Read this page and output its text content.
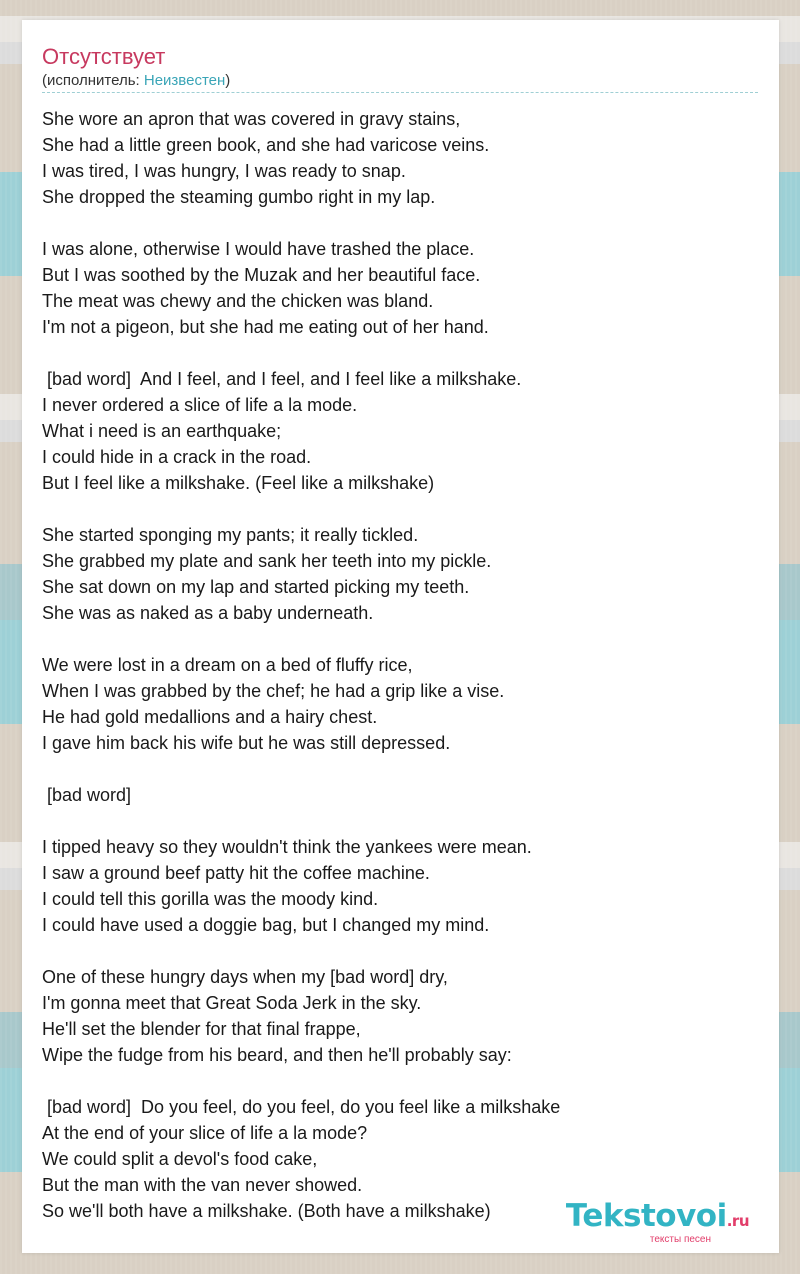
Отсутствует
(исполнитель: Неизвестен)
She wore an apron that was covered in gravy stains,
She had a little green book, and she had varicose veins.
I was tired, I was hungry, I was ready to snap.
She dropped the steaming gumbo right in my lap.

I was alone, otherwise I would have trashed the place.
But I was soothed by the Muzak and her beautiful face.
The meat was chewy and the chicken was bland.
I'm not a pigeon, but she had me eating out of her hand.

[bad word]  And I feel, and I feel, and I feel like a milkshake.
I never ordered a slice of life a la mode.
What i need is an earthquake;
I could hide in a crack in the road.
But I feel like a milkshake. (Feel like a milkshake)

She started sponging my pants; it really tickled.
She grabbed my plate and sank her teeth into my pickle.
She sat down on my lap and started picking my teeth.
She was as naked as a baby underneath.

We were lost in a dream on a bed of fluffy rice,
When I was grabbed by the chef; he had a grip like a vise.
He had gold medallions and a hairy chest.
I gave him back his wife but he was still depressed.

[bad word]

I tipped heavy so they wouldn't think the yankees were mean.
I saw a ground beef patty hit the coffee machine.
I could tell this gorilla was the moody kind.
I could have used a doggie bag, but I changed my mind.

One of these hungry days when my [bad word] dry,
I'm gonna meet that Great Soda Jerk in the sky.
He'll set the blender for that final frappe,
Wipe the fudge from his beard, and then he'll probably say:

[bad word]  Do you feel, do you feel, do you feel like a milkshake
At the end of your slice of life a la mode?
We could split a devol's food cake,
But the man with the van never showed.
So we'll both have a milkshake. (Both have a milkshake)	Tekstovoi.ru
тексты песен
